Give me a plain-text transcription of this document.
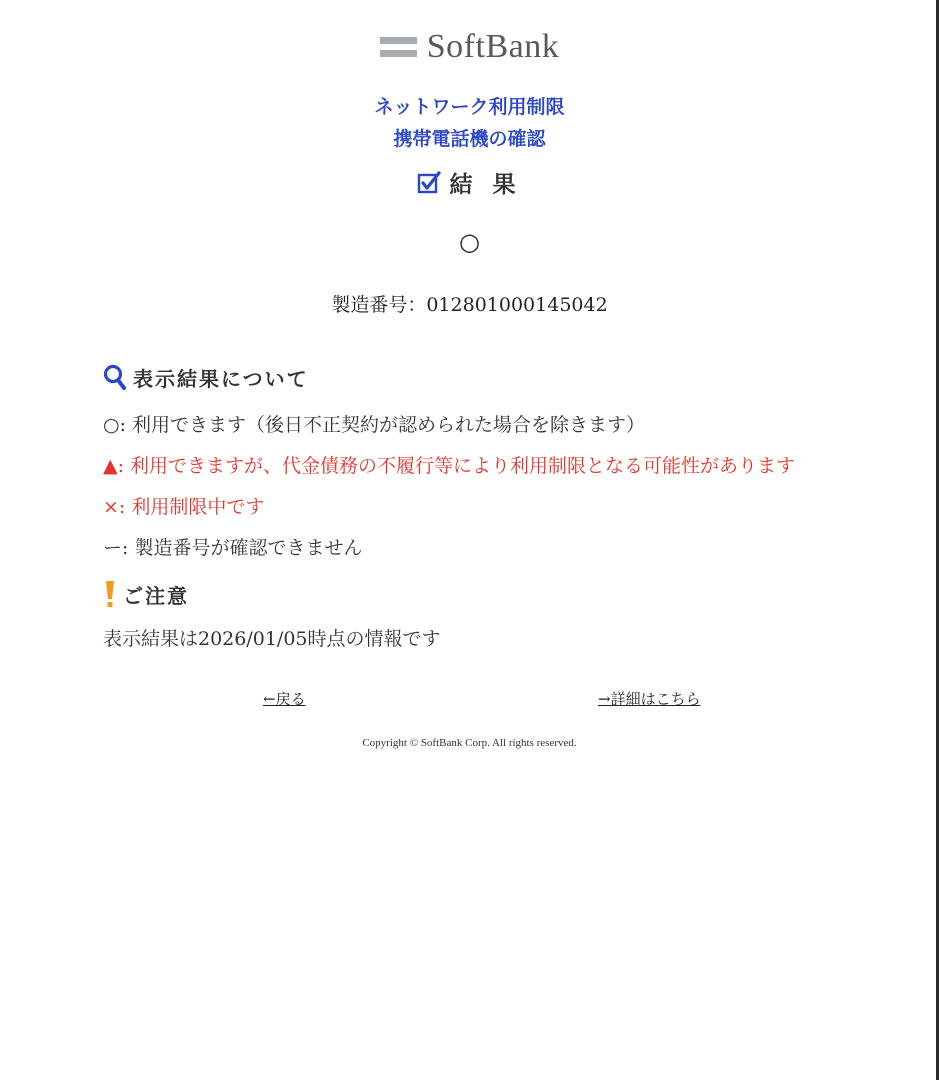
SoftBank
ネットワーク利用制限
携帯電話機の確認
結 果
○
製造番号：012801000145042
表示結果について
○: 利用できます（後日不正契約が認められた場合を除きます）
▲: 利用できますが、代金債務の不履行等により利用制限となる可能性があります
×: 利用制限中です
ー: 製造番号が確認できません
ご注意
表示結果は2026/01/05時点の情報です
←戻る	→詳細はこちら
Copyright © SoftBank Corp. All rights reserved.
